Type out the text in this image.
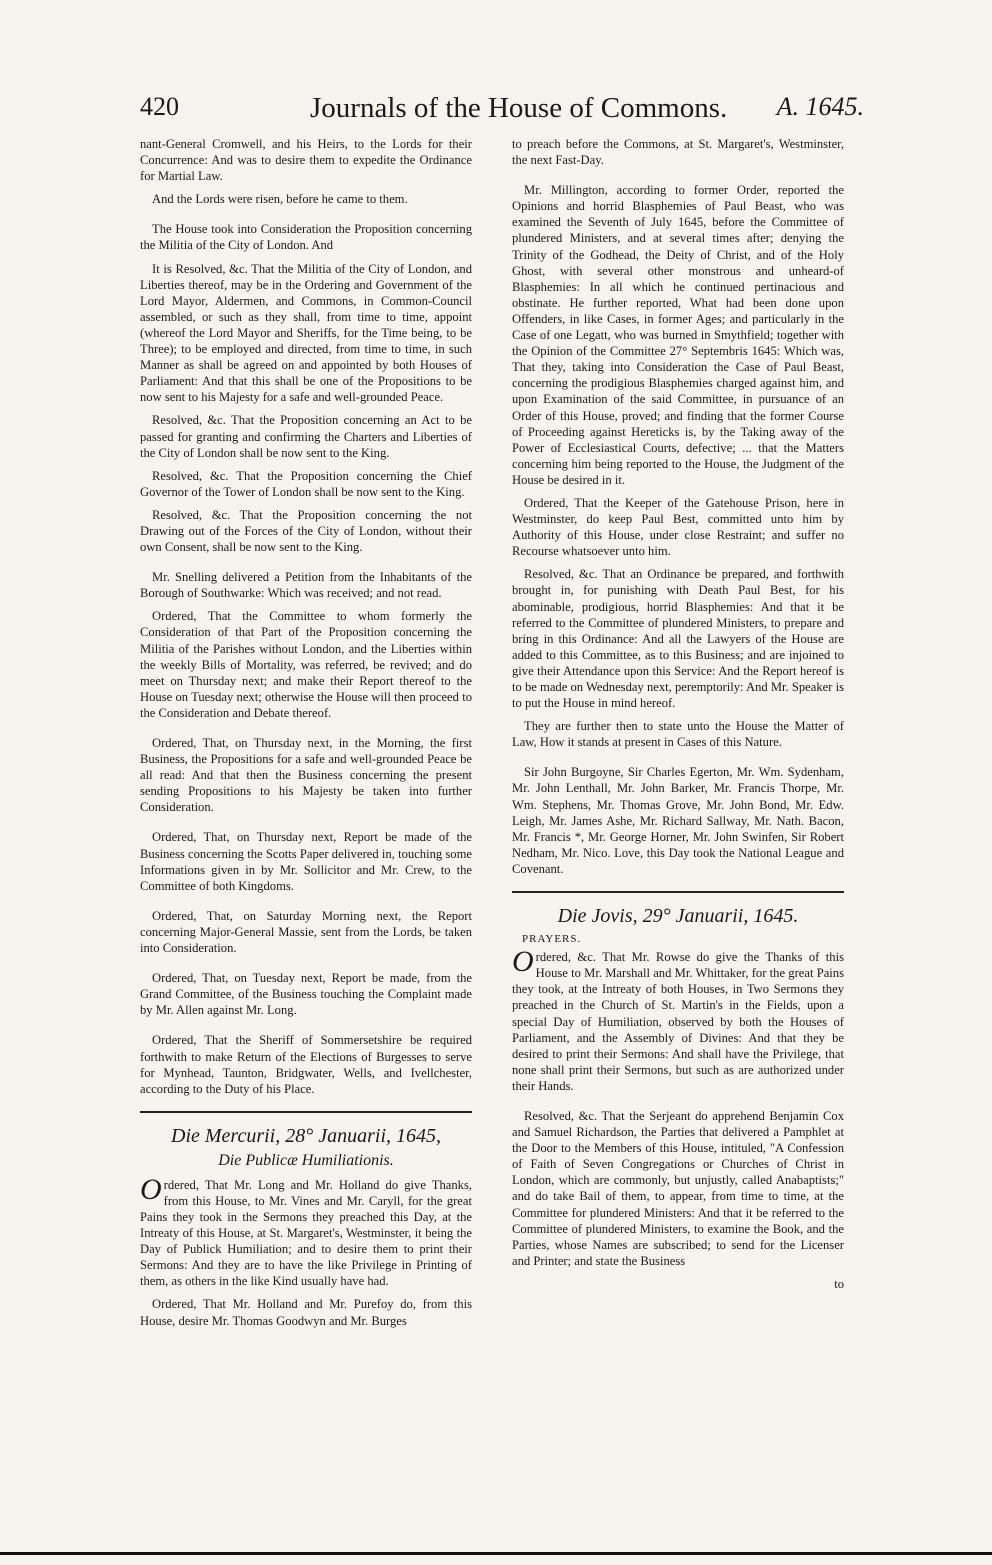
420	Journals of the House of Commons. A. 1645.

nant-General Cromwell, and his Heirs, to the Lords for their Concurrence: And was to desire them to expedite the Ordinance for Martial Law.

And the Lords were risen, before he came to them.

The House took into Consideration the Proposition concerning the Militia of the City of London. And

It is Resolved, &c. That the Militia of the City of London, and Liberties thereof, may be in the Ordering and Government of the Lord Mayor, Aldermen, and Commons, in Common-Council assembled, or such as they shall, from time to time, appoint (whereof the Lord Mayor and Sheriffs, for the Time being, to be Three); to be employed and directed, from time to time, in such Manner as shall be agreed on and appointed by both Houses of Parliament: And that this shall be one of the Propositions to be now sent to his Majesty for a safe and well-grounded Peace.

Resolved, &c. That the Proposition concerning an Act to be passed for granting and confirming the Charters and Liberties of the City of London shall be now sent to the King.

Resolved, &c. That the Proposition concerning the Chief Governor of the Tower of London shall be now sent to the King.

Resolved, &c. That the Proposition concerning the not Drawing out of the Forces of the City of London, without their own Consent, shall be now sent to the King.

Mr. Snelling delivered a Petition from the Inhabitants of the Borough of Southwarke: Which was received; and not read.

Ordered, That the Committee to whom formerly the Consideration of that Part of the Proposition concerning the Militia of the Parishes without London, and the Liberties within the weekly Bills of Mortality, was referred, be revived; and do meet on Thursday next; and make their Report thereof to the House on Tuesday next; otherwise the House will then proceed to the Consideration and Debate thereof.

Ordered, That, on Thursday next, in the Morning, the first Business, the Propositions for a safe and well-grounded Peace be all read: And that then the Business concerning the present sending Propositions to his Majesty be taken into further Consideration.

Ordered, That, on Thursday next, Report be made of the Business concerning the Scotts Paper delivered in, touching some Informations given in by Mr. Sollicitor and Mr. Crew, to the Committee of both Kingdoms.

Ordered, That, on Saturday Morning next, the Report concerning Major-General Massie, sent from the Lords, be taken into Consideration.

Ordered, That, on Tuesday next, Report be made, from the Grand Committee, of the Business touching the Complaint made by Mr. Allen against Mr. Long.

Ordered, That the Sheriff of Sommersetshire be required forthwith to make Return of the Elections of Burgesses to serve for Mynhead, Taunton, Bridgwater, Wells, and Ivellchester, according to the Duty of his Place.

Die Mercurii, 28° Januarii, 1645,
Die Publicæ Humiliationis.

Ordered, That Mr. Long and Mr. Holland do give Thanks, from this House, to Mr. Vines and Mr. Caryll, for the great Pains they took in the Sermons they preached this Day, at the Intreaty of this House, at St. Margaret's, Westminster, it being the Day of Publick Humiliation; and to desire them to print their Sermons: And they are to have the like Privilege in Printing of them, as others in the like Kind usually have had.

Ordered, That Mr. Holland and Mr. Purefoy do, from this House, desire Mr. Thomas Goodwyn and Mr. Burges

to preach before the Commons, at St. Margaret's, Westminster, the next Fast-Day.

Mr. Millington, according to former Order, reported the Opinions and horrid Blasphemies of Paul Beast, who was examined the Seventh of July 1645, before the Committee of plundered Ministers, and at several times after; denying the Trinity of the Godhead, the Deity of Christ, and of the Holy Ghost, with several other monstrous and unheard-of Blasphemies: In all which he continued pertinacious and obstinate. He further reported, What had been done upon Offenders, in like Cases, in former Ages; and particularly in the Case of one Legatt, who was burned in Smythfield; together with the Opinion of the Committee 27° Septembris 1645: Which was, That they, taking into Consideration the Case of Paul Beast, concerning the prodigious Blasphemies charged against him, and upon Examination of the said Committee, in pursuance of an Order of this House, proved; and finding that the former Course of Proceeding against Hereticks is, by the Taking away of the Power of Ecclesiastical Courts, defective; ... that the Matters concerning him being reported to the House, the Judgment of the House be desired in it.

Ordered, That the Keeper of the Gatehouse Prison, here in Westminster, do keep Paul Best, committed unto him by Authority of this House, under close Restraint; and suffer no Recourse whatsoever unto him.

Resolved, &c. That an Ordinance be prepared, and forthwith brought in, for punishing with Death Paul Best, for his abominable, prodigious, horrid Blasphemies: And that it be referred to the Committee of plundered Ministers, to prepare and bring in this Ordinance: And all the Lawyers of the House are added to this Committee, as to this Business; and are injoined to give their Attendance upon this Service: And the Report hereof is to be made on Wednesday next, peremptorily: And Mr. Speaker is to put the House in mind hereof.

They are further then to state unto the House the Matter of Law, How it stands at present in Cases of this Nature.

Sir John Burgoyne, Sir Charles Egerton, Mr. Wm. Sydenham, Mr. John Lenthall, Mr. John Barker, Mr. Francis Thorpe, Mr. Wm. Stephens, Mr. Thomas Grove, Mr. John Bond, Mr. Edw. Leigh, Mr. James Ashe, Mr. Richard Sallway, Mr. Nath. Bacon, Mr. Francis *, Mr. George Horner, Mr. John Swinfen, Sir Robert Nedham, Mr. Nico. Love, this Day took the National League and Covenant.

Die Jovis, 29° Januarii, 1645.
PRAYERS.

Ordered, &c. That Mr. Rowse do give the Thanks of this House to Mr. Marshall and Mr. Whittaker, for the great Pains they took, at the Intreaty of both Houses, in Two Sermons they preached in the Church of St. Martin's in the Fields, upon a special Day of Humiliation, observed by both the Houses of Parliament, and the Assembly of Divines: And that they be desired to print their Sermons: And shall have the Privilege, that none shall print their Sermons, but such as are authorized under their Hands.

Resolved, &c. That the Serjeant do apprehend Benjamin Cox and Samuel Richardson, the Parties that delivered a Pamphlet at the Door to the Members of this House, intituled, "A Confession of Faith of Seven Congregations or Churches of Christ in London, which are commonly, but unjustly, called Anabaptists;" and do take Bail of them, to appear, from time to time, at the Committee for plundered Ministers: And that it be referred to the Committee of plundered Ministers, to examine the Book, and the Parties, whose Names are subscribed; to send for the Licenser and Printer; and state the Business

to
